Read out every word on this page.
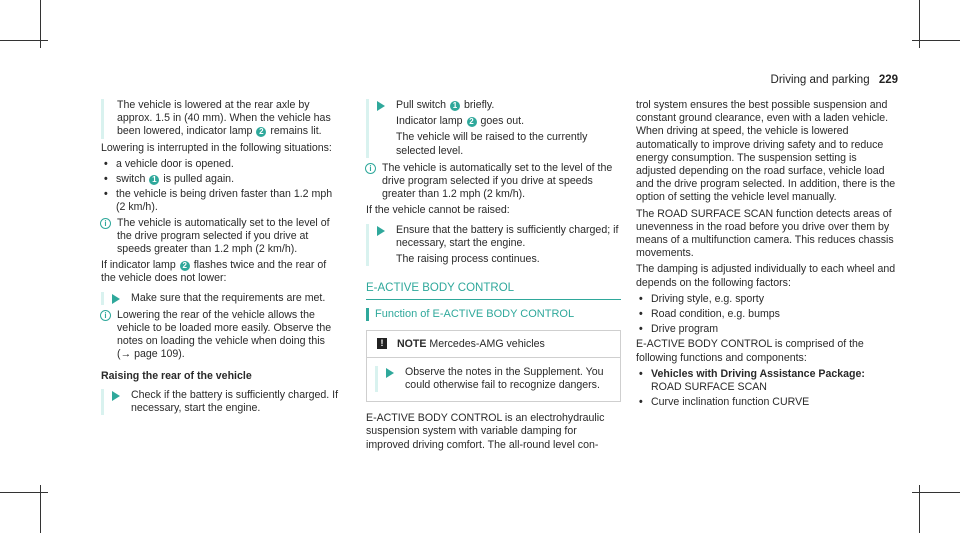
Driving and parking 229

The vehicle is lowered at the rear axle by approx. 1.5 in (40 mm). When the vehicle has been lowered, indicator lamp 2 remains lit.

Lowering is interrupted in the following situations:

• a vehicle door is opened.
• switch 1 is pulled again.
• the vehicle is being driven faster than 1.2 mph (2 km/h).
i The vehicle is automatically set to the level of the drive program selected if you drive at speeds greater than 1.2 mph (2 km/h).

If indicator lamp 2 flashes twice and the rear of the vehicle does not lower:

Make sure that the requirements are met.

i Lowering the rear of the vehicle allows the vehicle to be loaded more easily. Observe the notes on loading the vehicle when doing this (→ page 109).

Raising the rear of the vehicle

Check if the battery is sufficiently charged. If necessary, start the engine.

Pull switch 1 briefly.

Indicator lamp 2 goes out.

The vehicle will be raised to the currently selected level.

i The vehicle is automatically set to the level of the drive program selected if you drive at speeds greater than 1.2 mph (2 km/h).

If the vehicle cannot be raised:

Ensure that the battery is sufficiently charged; if necessary, start the engine.

The raising process continues.

E-ACTIVE BODY CONTROL
Function of E-ACTIVE BODY CONTROL
!	NOTE Mercedes-AMG vehicles

Observe the notes in the Supplement. You could otherwise fail to recognize dangers.

E-ACTIVE BODY CONTROL is an electrohydraulic suspension system with variable damping for improved driving comfort. The all-round level con-

trol system ensures the best possible suspension and constant ground clearance, even with a laden vehicle. When driving at speed, the vehicle is lowered automatically to improve driving safety and to reduce energy consumption. The suspension setting is adjusted depending on the road surface, vehicle load and the drive program selected. In addition, there is the option of setting the vehicle level manually.

The ROAD SURFACE SCAN function detects areas of unevenness in the road before you drive over them by means of a multifunction camera. This reduces chassis movements.

The damping is adjusted individually to each wheel and depends on the following factors:

• Driving style, e.g. sporty
• Road condition, e.g. bumps
• Drive program

E-ACTIVE BODY CONTROL is comprised of the following functions and components:

• Vehicles with Driving Assistance Package:
ROAD SURFACE SCAN
• Curve inclination function CURVE
